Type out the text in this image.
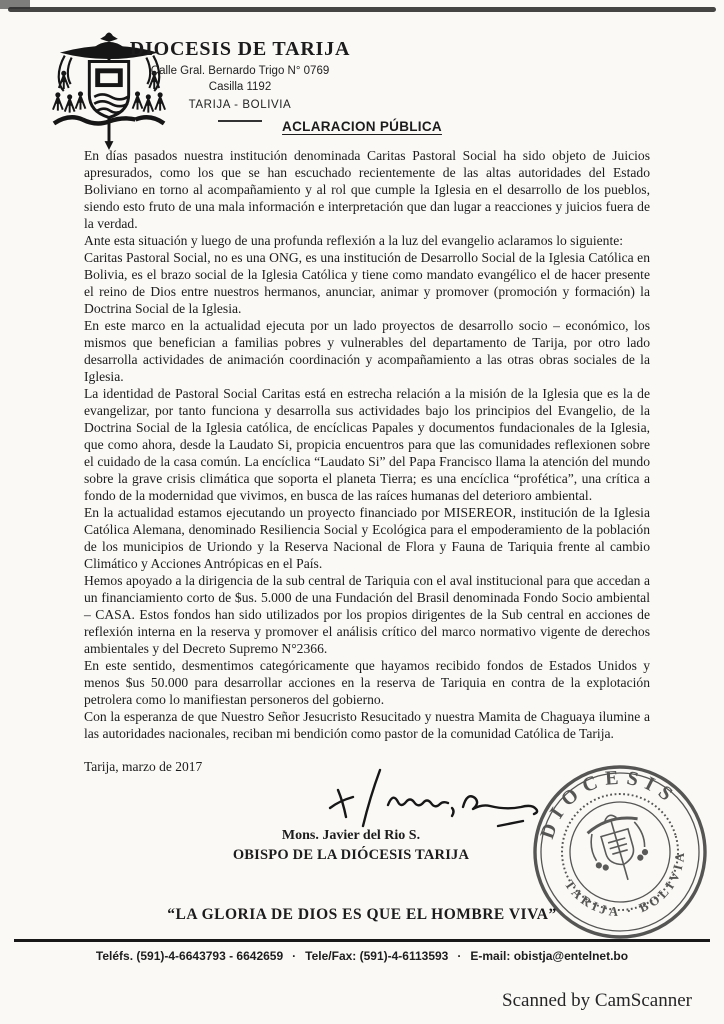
DIOCESIS DE TARIJA
Calle Gral. Bernardo Trigo N° 0769
Casilla 1192
TARIJA - BOLIVIA
ACLARACION PÚBLICA

En días pasados nuestra institución denominada Caritas Pastoral Social ha sido objeto de Juicios apresurados, como los que se han escuchado recientemente de las altas autoridades del Estado Boliviano en torno al acompañamiento y al rol que cumple la Iglesia en el desarrollo de los pueblos, siendo esto fruto de una mala información e interpretación que dan lugar a reacciones y juicios fuera de la verdad.

Ante esta situación y luego de una profunda reflexión a la luz del evangelio aclaramos lo siguiente:

Caritas Pastoral Social, no es una ONG, es una institución de Desarrollo Social de la Iglesia Católica en Bolivia, es el brazo social de la Iglesia Católica y tiene como mandato evangélico el de hacer presente el reino de Dios entre nuestros hermanos, anunciar, animar y promover (promoción y formación) la Doctrina Social de la Iglesia.

En este marco en la actualidad ejecuta por un lado proyectos de desarrollo socio – económico, los mismos que benefician a familias pobres y vulnerables del departamento de Tarija, por otro lado desarrolla actividades de animación coordinación y acompañamiento a las otras obras sociales de la Iglesia.

La identidad de Pastoral Social Caritas está en estrecha relación a la misión de la Iglesia que es la de evangelizar, por tanto funciona y desarrolla sus actividades bajo los principios del Evangelio, de la Doctrina Social de la Iglesia católica, de encíclicas Papales y documentos fundacionales de la Iglesia, que como ahora, desde la Laudato Si, propicia encuentros para que las comunidades reflexionen sobre el cuidado de la casa común. La encíclica “Laudato Si” del Papa Francisco llama la atención del mundo sobre la grave crisis climática que soporta el planeta Tierra; es una encíclica “profética”, una crítica a fondo de la modernidad que vivimos, en busca de las raíces humanas del deterioro ambiental.

En la actualidad estamos ejecutando un proyecto financiado por MISEREOR, institución de la Iglesia Católica Alemana, denominado Resiliencia Social y Ecológica para el empoderamiento de la población de los municipios de Uriondo y la Reserva Nacional de Flora y Fauna de Tariquia frente al cambio Climático y Acciones Antrópicas en el País.

Hemos apoyado a la dirigencia de la sub central de Tariquia con el aval institucional para que accedan a un financiamiento corto de $us. 5.000 de una Fundación del Brasil denominada Fondo Socio ambiental – CASA. Estos fondos han sido utilizados por los propios dirigentes de la Sub central en acciones de reflexión interna en la reserva y promover el análisis crítico del marco normativo vigente de derechos ambientales y del Decreto Supremo N°2366.

En este sentido, desmentimos categóricamente que hayamos recibido fondos de Estados Unidos y menos $us 50.000 para desarrollar acciones en la reserva de Tariquia en contra de la explotación petrolera como lo manifiestan personeros del gobierno.

Con la esperanza de que Nuestro Señor Jesucristo Resucitado y nuestra Mamita de Chaguaya ilumine a las autoridades nacionales, reciban mi bendición como pastor de la comunidad Católica de Tarija.

Tarija, marzo de 2017
Mons. Javier del Rio S.
OBISPO DE LA DIÓCESIS TARIJA
DIOCESIS
TARIJA · BOLIVIA
“LA GLORIA DE DIOS ES QUE EL HOMBRE VIVA”
Teléfs. (591)-4-6643793 - 6642659 · Tele/Fax: (591)-4-6113593 · E-mail: obistja@entelnet.bo
Scanned by CamScanner
